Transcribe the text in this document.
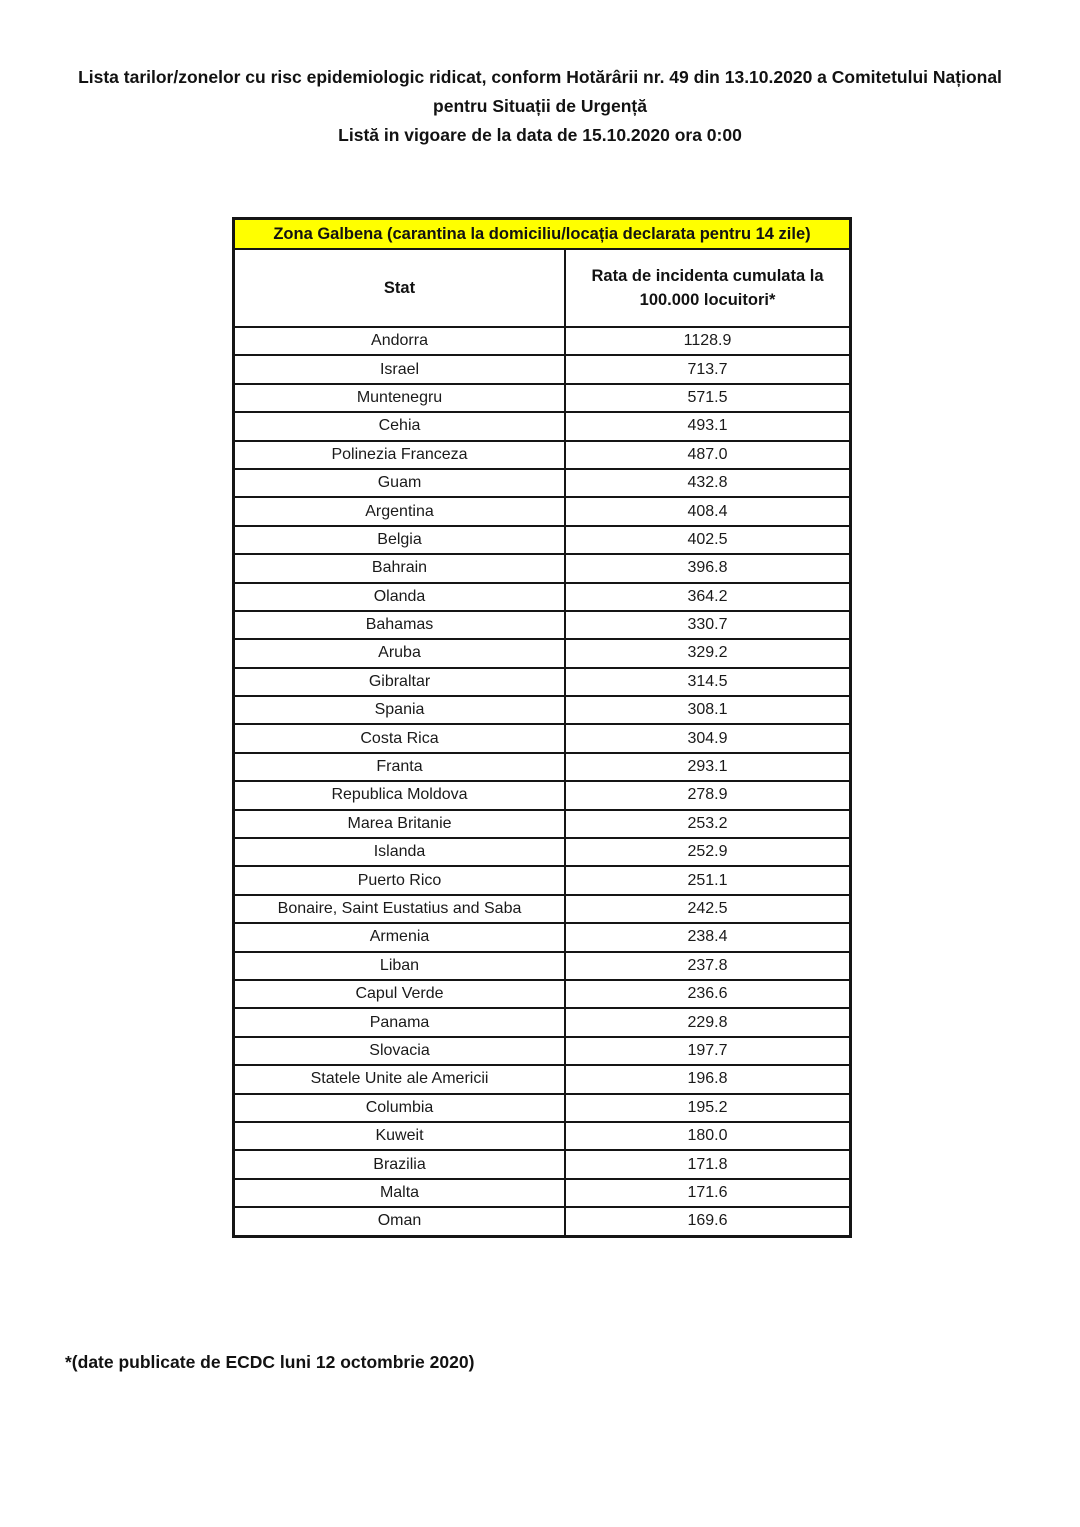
Lista tarilor/zonelor cu risc epidemiologic ridicat, conform Hotărârii nr. 49 din 13.10.2020 a Comitetului Național
pentru Situații de Urgență
Listă in vigoare de la data de 15.10.2020 ora 0:00
Zona Galbena (carantina la domiciliu/locația declarata pentru 14 zile)	
Stat	Rata de incidenta cumulata la 100.000 locuitori*
Andorra	1128.9
Israel	713.7
Muntenegru	571.5
Cehia	493.1
Polinezia Franceza	487.0
Guam	432.8
Argentina	408.4
Belgia	402.5
Bahrain	396.8
Olanda	364.2
Bahamas	330.7
Aruba	329.2
Gibraltar	314.5
Spania	308.1
Costa Rica	304.9
Franta	293.1
Republica Moldova	278.9
Marea Britanie	253.2
Islanda	252.9
Puerto Rico	251.1
Bonaire, Saint Eustatius and Saba	242.5
Armenia	238.4
Liban	237.8
Capul Verde	236.6
Panama	229.8
Slovacia	197.7
Statele Unite ale Americii	196.8
Columbia	195.2
Kuweit	180.0
Brazilia	171.8
Malta	171.6
Oman	169.6
*(date publicate de ECDC luni 12 octombrie 2020)
